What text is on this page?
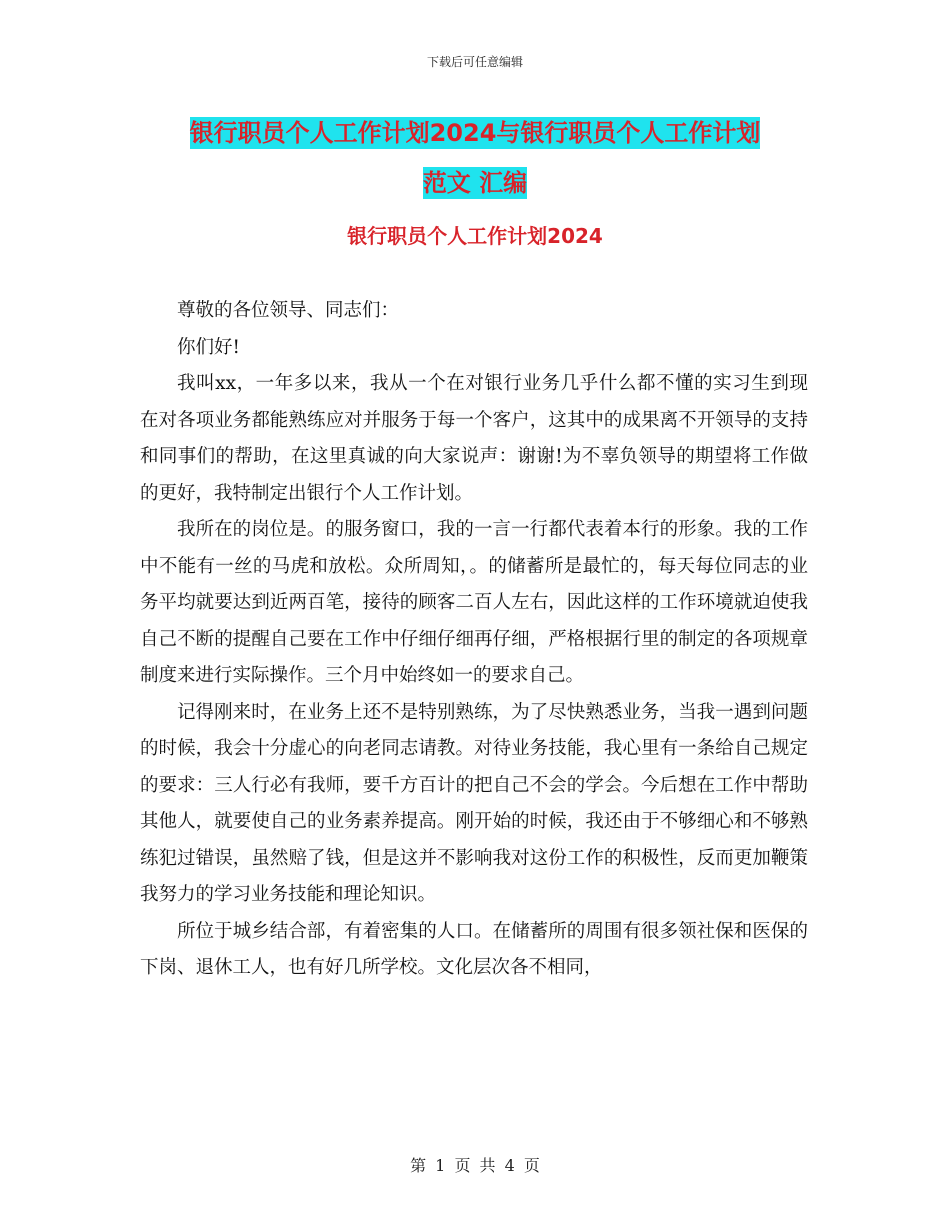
下载后可任意编辑
银行职员个人工作计划2024与银行职员个人工作计划
范文 汇编
银行职员个人工作计划2024

尊敬的各位领导、同志们：

你们好!

我叫xx，一年多以来，我从一个在对银行业务几乎什么都不懂的实习生到现在对各项业务都能熟练应对并服务于每一个客户，这其中的成果离不开领导的支持和同事们的帮助，在这里真诚的向大家说声：谢谢!为不辜负领导的期望将工作做的更好，我特制定出银行个人工作计划。

我所在的岗位是。的服务窗口，我的一言一行都代表着本行的形象。我的工作中不能有一丝的马虎和放松。众所周知，。的储蓄所是最忙的，每天每位同志的业务平均就要达到近两百笔，接待的顾客二百人左右，因此这样的工作环境就迫使我自己不断的提醒自己要在工作中仔细仔细再仔细，严格根据行里的制定的各项规章制度来进行实际操作。三个月中始终如一的要求自己。

记得刚来时，在业务上还不是特别熟练，为了尽快熟悉业务，当我一遇到问题的时候，我会十分虚心的向老同志请教。对待业务技能，我心里有一条给自己规定的要求：三人行必有我师，要千方百计的把自己不会的学会。今后想在工作中帮助其他人，就要使自己的业务素养提高。刚开始的时候，我还由于不够细心和不够熟练犯过错误，虽然赔了钱，但是这并不影响我对这份工作的积极性，反而更加鞭策我努力的学习业务技能和理论知识。

所位于城乡结合部，有着密集的人口。在储蓄所的周围有很多领社保和医保的下岗、退休工人，也有好几所学校。文化层次各不相同，

第 1 页 共 4 页
